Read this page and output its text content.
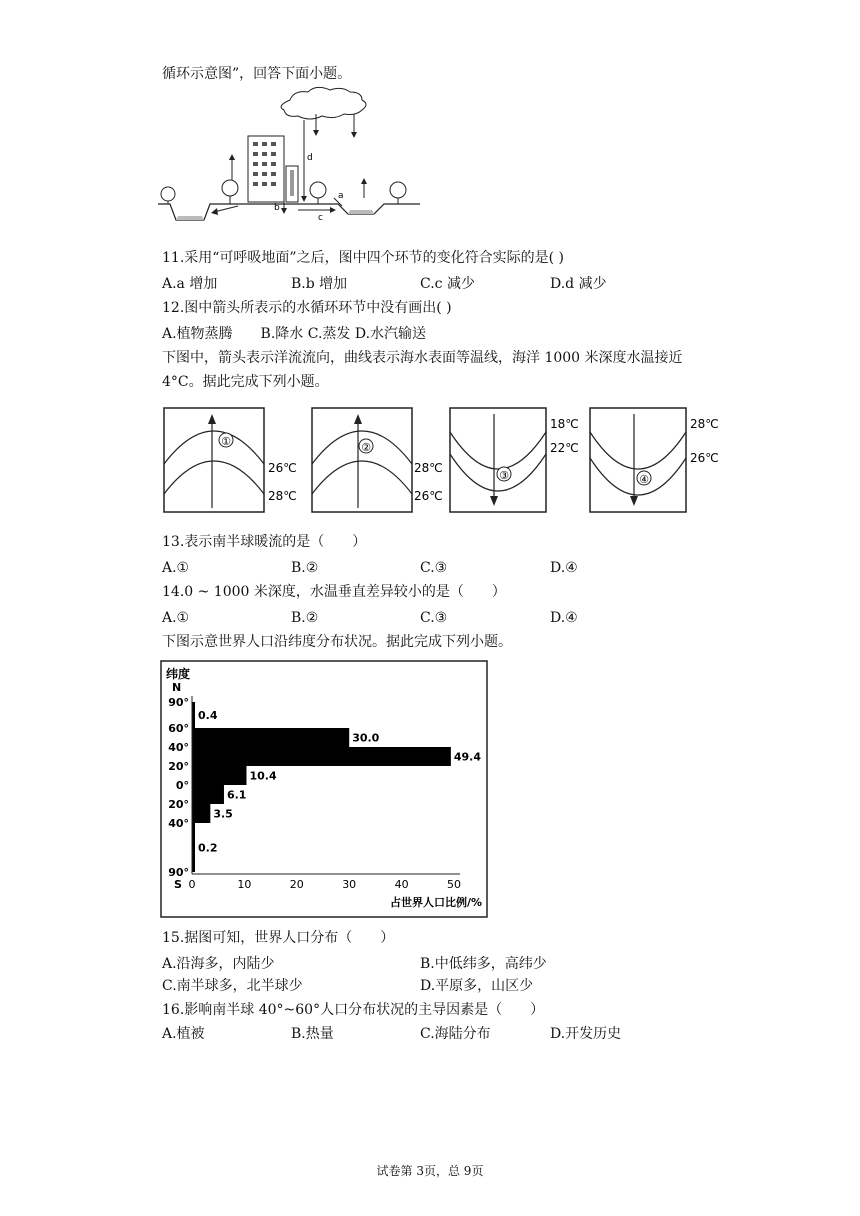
循环示意图”，回答下面小题。
d
b
c
a
11.采用“可呼吸地面”之后，图中四个环节的变化符合实际的是( )
A.a 增加	B.b 增加	C.c 减少	D.d 减少
12.图中箭头所表示的水循环环节中没有画出( )
A.植物蒸腾　　B.降水 C.蒸发 D.水汽输送
下图中，箭头表示洋流流向，曲线表示海水表面等温线，海洋 1000 米深度水温接近
4°C。据此完成下列小题。
①
26℃
28℃
②
28℃
26℃
③
18℃
22℃
④
28℃
26℃
13.表示南半球暖流的是（　　）
A.①	B.②	C.③	D.④
14.0 ~ 1000 米深度，水温垂直差异较小的是（　　）
A.①	B.②	C.③	D.④
下图示意世界人口沿纬度分布状况。据此完成下列小题。
纬度
N
S
占世界人口比例/%
90°
60°
40°
20°
0°
20°
40°
90°
0	10	20	30	40	50
0.4
30.0
49.4
10.4
6.1
3.5
0.2
15.据图可知，世界人口分布（　　）
A.沿海多，内陆少	B.中低纬多，高纬少
C.南半球多，北半球少	D.平原多，山区少
16.影响南半球 40°~60°人口分布状况的主导因素是（　　）
A.植被	B.热量	C.海陆分布	D.开发历史
试卷第 3页，总 9页
